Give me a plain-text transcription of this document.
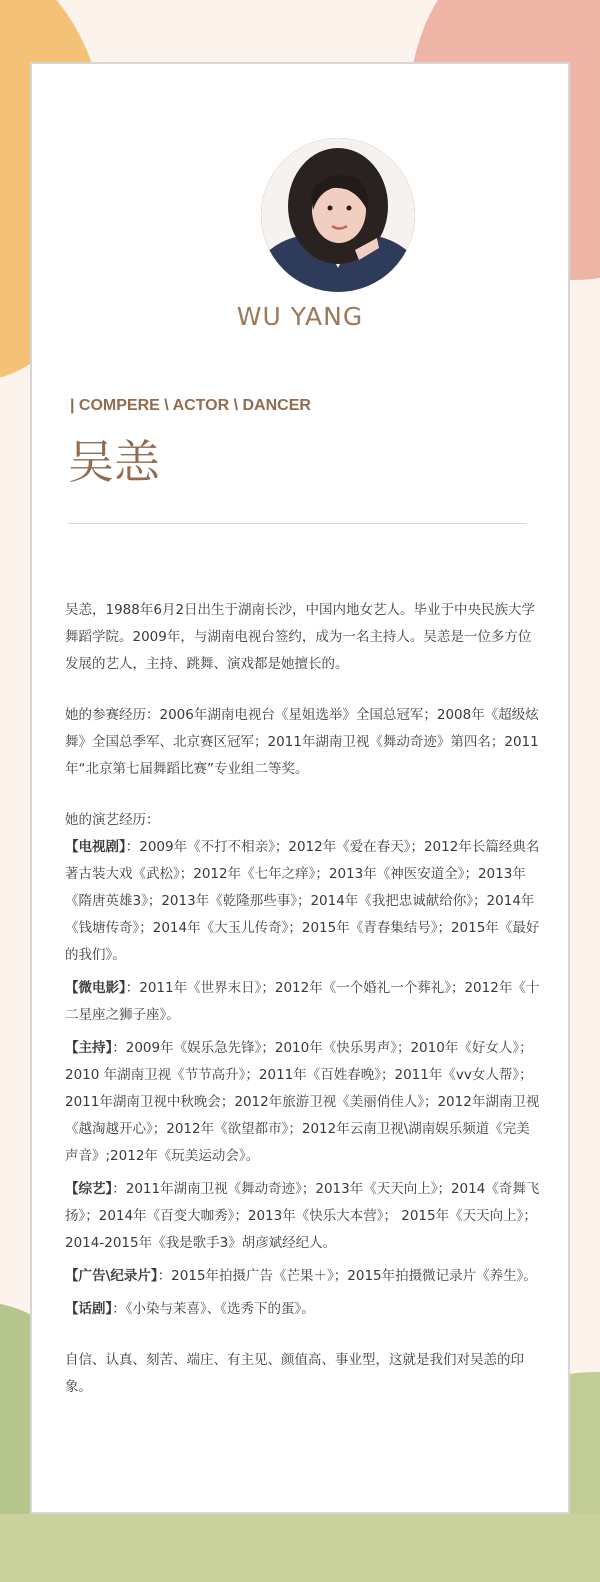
WU YANG
| COMPERE \ ACTOR \ DANCER
吴恙

吴恙，1988年6月2日出生于湖南长沙，中国内地女艺人。毕业于中央民族大学舞蹈学院。2009年，与湖南电视台签约，成为一名主持人。吴恙是一位多方位发展的艺人，主持、跳舞、演戏都是她擅长的。

她的参赛经历：2006年湖南电视台《星姐选举》全国总冠军；2008年《超级炫舞》全国总季军、北京赛区冠军；2011年湖南卫视《舞动奇迹》第四名；2011年“北京第七届舞蹈比赛”专业组二等奖。

她的演艺经历：

【电视剧】：2009年《不打不相亲》；2012年《爱在春天》；2012年长篇经典名著古装大戏《武松》；2012年《七年之痒》；2013年《神医安道全》；2013年《隋唐英雄3》；2013年《乾隆那些事》；2014年《我把忠诚献给你》；2014年《钱塘传奇》；2014年《大玉儿传奇》；2015年《青春集结号》；2015年《最好的我们》。

【微电影】：2011年《世界末日》；2012年《一个婚礼一个葬礼》；2012年《十二星座之狮子座》。

【主持】：2009年《娱乐急先锋》；2010年《快乐男声》；2010年《好女人》；2010 年湖南卫视《节节高升》；2011年《百姓春晚》；2011年《vv女人帮》；2011年湖南卫视中秋晚会；2012年旅游卫视《美丽俏佳人》；2012年湖南卫视《越淘越开心》；2012年《欲望都市》；2012年云南卫视\湖南娱乐频道《完美声音》;2012年《玩美运动会》。

【综艺】：2011年湖南卫视《舞动奇迹》；2013年《天天向上》；2014《奇舞飞扬》；2014年《百变大咖秀》；2013年《快乐大本营》； 2015年《天天向上》；2014-2015年《我是歌手3》胡彦斌经纪人。

【广告\纪录片】：2015年拍摄广告《芒果＋》；2015年拍摄微记录片《养生》。

【话剧】：《小染与茉喜》、《选秀下的蛋》。

自信、认真、刻苦、端庄、有主见、颜值高、事业型，这就是我们对吴恙的印象。
